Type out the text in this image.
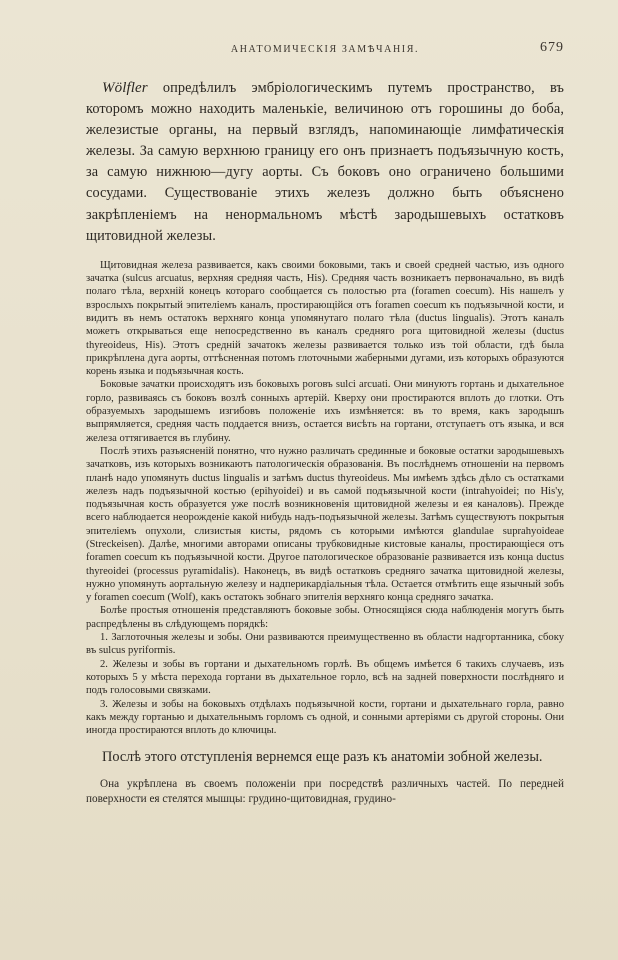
АНАТОМИЧЕСКІЯ ЗАМѢЧАНІЯ.	679

Wölfler опредѣлилъ эмбріологическимъ путемъ пространство, въ которомъ можно находить маленькіе, величиною отъ горошины до боба, железистые органы, на первый взглядъ, напоминающіе лимфатическія железы. За самую верхнюю границу его онъ признаетъ подъязычную кость, за самую нижнюю—дугу аорты. Съ боковъ оно ограничено большими сосудами. Существованіе этихъ железъ должно быть объяснено закрѣпленіемъ на ненормальномъ мѣстѣ зародышевыхъ остатковъ щитовидной железы.

Щитовидная железа развивается, какъ своими боковыми, такъ и своей средней частью, изъ одного зачатка (sulcus arcuatus, верхняя средняя часть, His). Средняя часть возникаетъ первоначально, въ видѣ полаго тѣла, верхній конецъ котораго сообщается съ полостью рта (foramen coecum). His нашелъ у взрослыхъ покрытый эпителіемъ каналъ, простирающійся отъ foramen coecum къ подъязычной кости, и видитъ въ немъ остатокъ верхняго конца упомянутаго полаго тѣла (ductus lingualis). Этотъ каналъ можетъ открываться еще непосредственно въ каналъ средняго рога щитовидной железы (ductus thyreoideus, His). Этотъ средній зачатокъ железы развивается только изъ той области, гдѣ была прикрѣплена дуга аорты, оттѣсненная потомъ глоточными жаберными дугами, изъ которыхъ образуются корень языка и подъязычная кость.

Боковые зачатки происходятъ изъ боковыхъ роговъ sulci arcuati. Они минуютъ гортань и дыхательное горло, развиваясь съ боковъ возлѣ сонныхъ артерій. Кверху они простираются вплоть до глотки. Отъ образуемыхъ зародышемъ изгибовъ положеніе ихъ измѣняется: въ то время, какъ зародышъ выпрямляется, средняя часть поддается внизъ, остается висѣть на гортани, отступаетъ отъ языка, и вся железа оттягивается въ глубину.

Послѣ этихъ разъясненій понятно, что нужно различать срединные и боковые остатки зародышевыхъ зачатковъ, изъ которыхъ возникаютъ патологическія образованія. Въ послѣднемъ отношеніи на первомъ планѣ надо упомянуть ductus lingualis и затѣмъ ductus thyreoideus. Мы имѣемъ здѣсь дѣло съ остатками железъ надъ подъязычной костью (epihyoidei) и въ самой подъязычной кости (intrahyoidei; по His'у, подъязычная кость образуется уже послѣ возникновенія щитовидной железы и ея каналовъ). Прежде всего наблюдается неорожденіе какой нибудь надъ-подъязычной железы. Затѣмъ существуютъ покрытыя эпителіемъ опухоли, слизистыя кисты, рядомъ съ которыми имѣются glandulae suprahyoideae (Streckeisen). Далѣе, многими авторами описаны трубковидные кистовые каналы, простирающіеся отъ foramen coecum къ подъязычной кости. Другое патологическое образованіе развивается изъ конца ductus thyreoidei (processus pyramidalis). Наконецъ, въ видѣ остатковъ средняго зачатка щитовидной железы, нужно упомянуть аортальную железу и надперикардіальныя тѣла. Остается отмѣтить еще язычный зобъ у foramen coecum (Wolf), какъ остатокъ зобнаго эпителія верхняго конца средняго зачатка.

Болѣе простыя отношенія представляютъ боковые зобы. Относящіяся сюда наблюденія могутъ быть распредѣлены въ слѣдующемъ порядкѣ:

1. Заглоточныя железы и зобы. Они развиваются преимущественно въ области надгортанника, сбоку въ sulcus pyriformis.

2. Железы и зобы въ гортани и дыхательномъ горлѣ. Въ общемъ имѣется 6 такихъ случаевъ, изъ которыхъ 5 у мѣста перехода гортани въ дыхательное горло, всѣ на задней поверхности послѣдняго и подъ голосовыми связками.

3. Железы и зобы на боковыхъ отдѣлахъ подъязычной кости, гортани и дыхательнаго горла, равно какъ между гортанью и дыхательнымъ горломъ съ одной, и сонными артеріями съ другой стороны. Они иногда простираются вплоть до ключицы.

Послѣ этого отступленія вернемся еще разъ къ анатоміи зобной железы.

Она укрѣплена въ своемъ положеніи при посредствѣ различныхъ частей. По передней поверхности ея стелятся мышцы: грудино-щитовидная, грудино-
